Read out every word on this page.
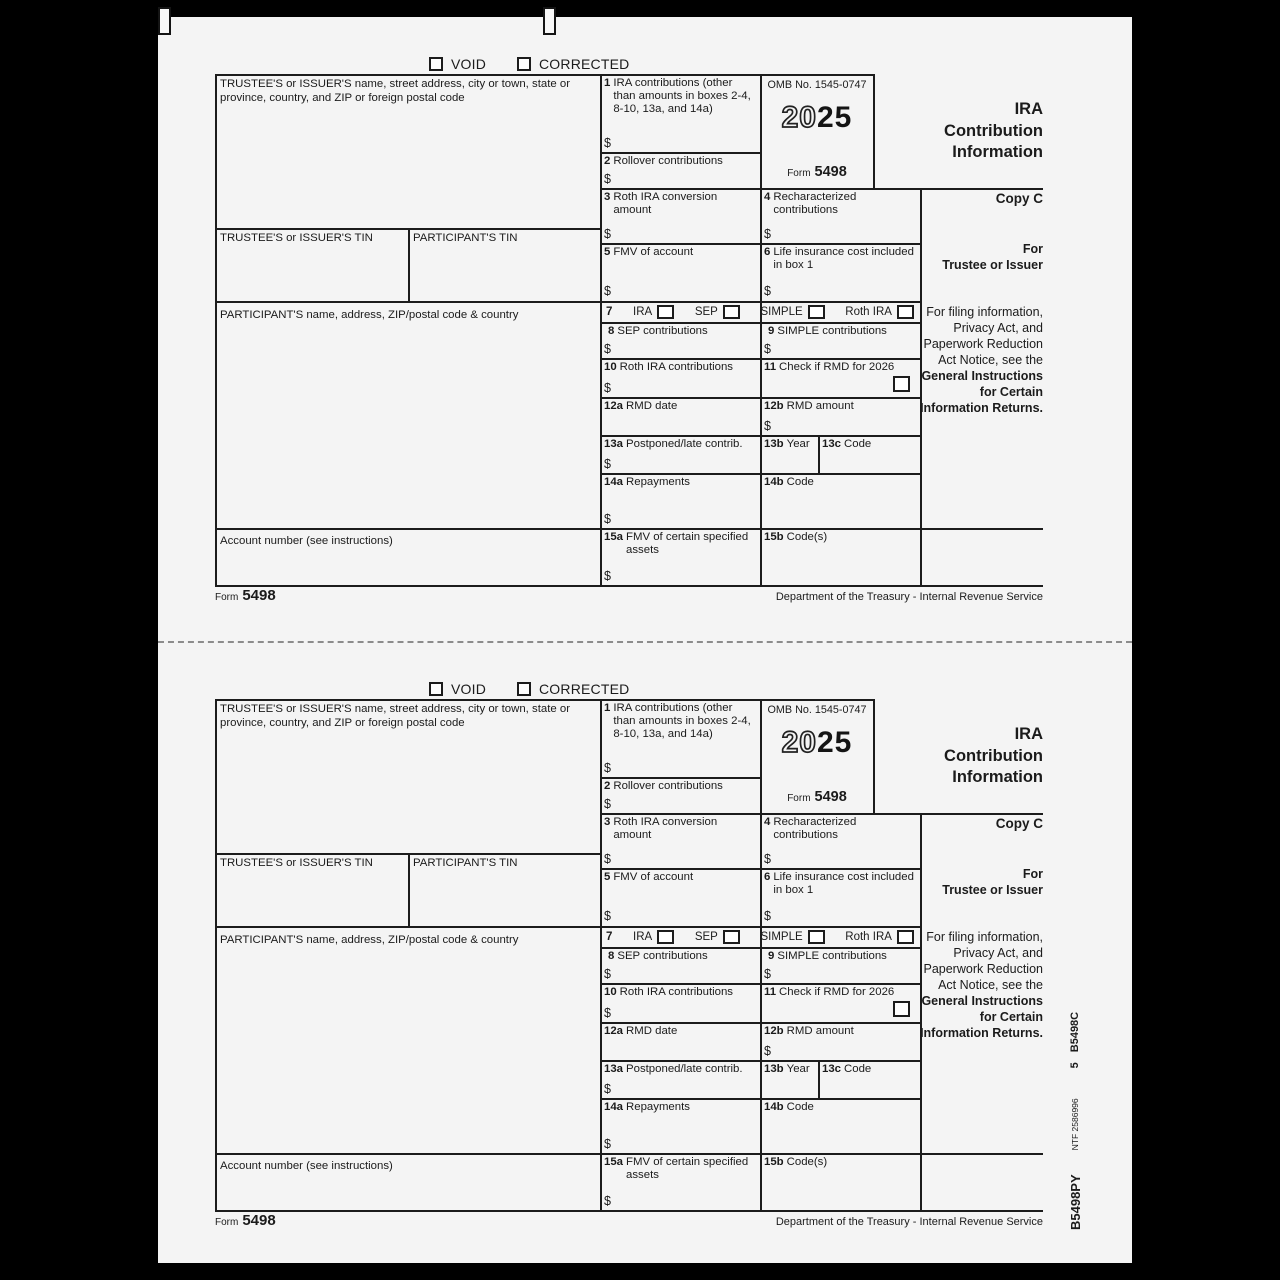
VOID	CORRECTED
TRUSTEE'S or ISSUER'S name, street address, city or town, state or province, country, and ZIP or foreign postal code
TRUSTEE'S or ISSUER'S TIN	PARTICIPANT'S TIN
PARTICIPANT'S name, address, ZIP/postal code & country
Account number (see instructions)
OMB No. 1545-0747
2025
Form 5498
IRA
Contribution
Information
Copy C
For
Trustee or Issuer
For filing information, Privacy Act, and Paperwork Reduction Act Notice, see the General Instructions for Certain Information Returns.
1 IRA contributions (other than amounts in boxes 2-4, 8-10, 13a, and 14a)
$
2 Rollover contributions
$
3 Roth IRA conversion amount
$
4 Recharacterized contributions
$
5 FMV of account
$
6 Life insurance cost included in box 1
$
7 IRA	SEP	SIMPLE	Roth IRA
8 SEP contributions
$
9 SIMPLE contributions
$
10 Roth IRA contributions
$
11 Check if RMD for 2026
12a RMD date	12b RMD amount
$
13a Postponed/late contrib.
$
13b Year 13c Code
14a Repayments
$
14b Code
15a FMV of certain specified assets
$
15b Code(s)
Form 5498	Department of the Treasury - Internal Revenue Service
VOID	CORRECTED
TRUSTEE'S or ISSUER'S name, street address, city or town, state or province, country, and ZIP or foreign postal code
TRUSTEE'S or ISSUER'S TIN	PARTICIPANT'S TIN
PARTICIPANT'S name, address, ZIP/postal code & country
Account number (see instructions)
OMB No. 1545-0747
2025
Form 5498
IRA
Contribution
Information
Copy C
For
Trustee or Issuer
For filing information, Privacy Act, and Paperwork Reduction Act Notice, see the General Instructions for Certain Information Returns.
1 IRA contributions (other than amounts in boxes 2-4, 8-10, 13a, and 14a)
$
2 Rollover contributions
$
3 Roth IRA conversion amount
$
4 Recharacterized contributions
$
5 FMV of account
$
6 Life insurance cost included in box 1
$
7 IRA	SEP	SIMPLE	Roth IRA
8 SEP contributions
$
9 SIMPLE contributions
$
10 Roth IRA contributions
$
11 Check if RMD for 2026
12a RMD date	12b RMD amount
$
13a Postponed/late contrib.
$
13b Year 13c Code
14a Repayments
$
14b Code
15a FMV of certain specified assets
$
15b Code(s)
Form 5498	Department of the Treasury - Internal Revenue Service B5498PY
NTF 2586996
5
B5498C
